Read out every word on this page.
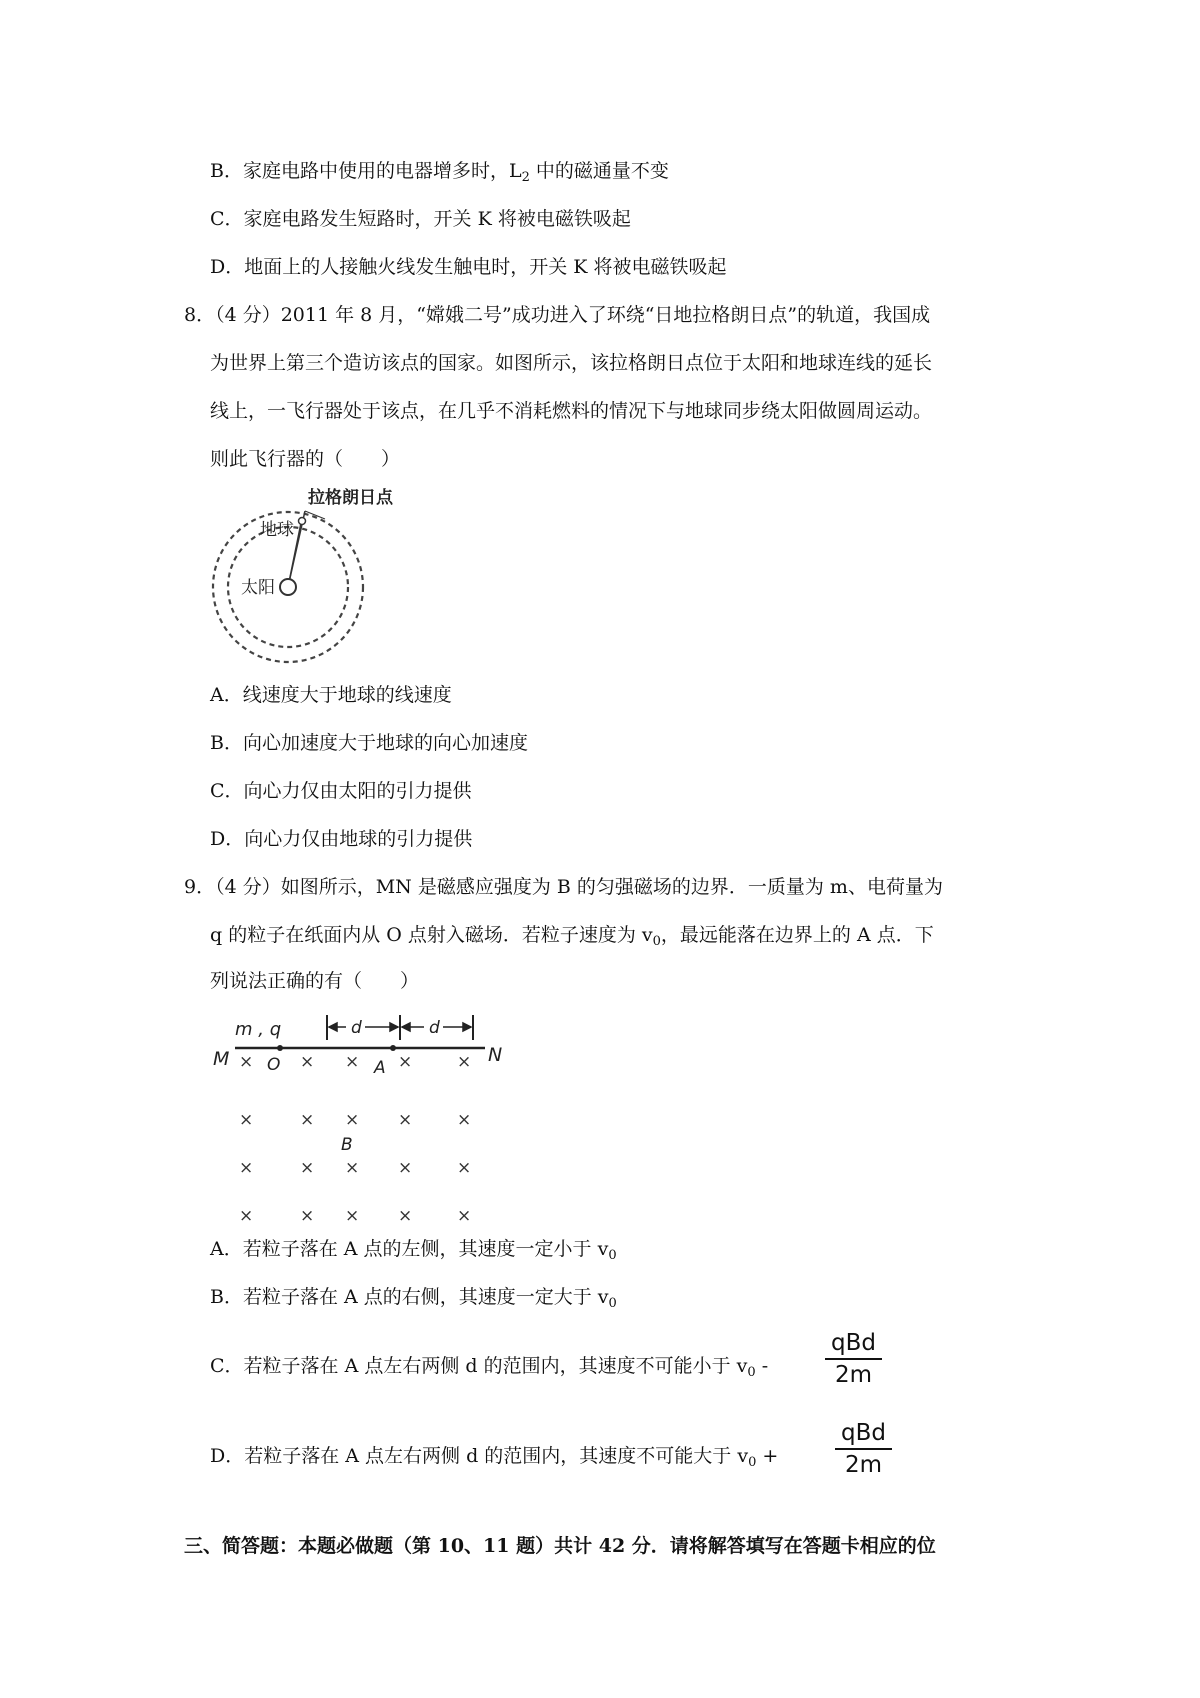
B．家庭电路中使用的电器增多时，$L_2$ 中的磁通量不变
C．家庭电路发生短路时，开关 K 将被电磁铁吸起
D．地面上的人接触火线发生触电时，开关 K 将被电磁铁吸起
8．（4 分）2011 年 8 月，“嫦娥二号”成功进入了环绕“日地拉格朗日点”的轨道，我国成
为世界上第三个造访该点的国家。如图所示，该拉格朗日点位于太阳和地球连线的延长
线上，一飞行器处于该点，在几乎不消耗燃料的情况下与地球同步绕太阳做圆周运动。
则此飞行器的（　　）
拉格朗日点
地球
太阳
A．线速度大于地球的线速度
B．向心加速度大于地球的向心加速度
C．向心力仅由太阳的引力提供
D．向心力仅由地球的引力提供
9．（4 分）如图所示，MN 是磁感应强度为 B 的匀强磁场的边界．一质量为 m、电荷量为
q 的粒子在纸面内从 O 点射入磁场．若粒子速度为 $v_0$，最远能落在边界上的 A 点．下
列说法正确的有（　　）
M	N
m , q
O	A
B
d	d
×	× × ×	×
×	× × ×	×
×	× × ×	×
×	× × ×	×
A．若粒子落在 A 点的左侧，其速度一定小于 $v_0$
B．若粒子落在 A 点的右侧，其速度一定大于 $v_0$
C．若粒子落在 A 点左右两侧 d 的范围内，其速度不可能小于 $v_0$ -
qBd
2m
D．若粒子落在 A 点左右两侧 d 的范围内，其速度不可能大于 $v_0$ +
qBd
2m
三、简答题：本题必做题（第 10、11 题）共计 42 分．请将解答填写在答题卡相应的位
